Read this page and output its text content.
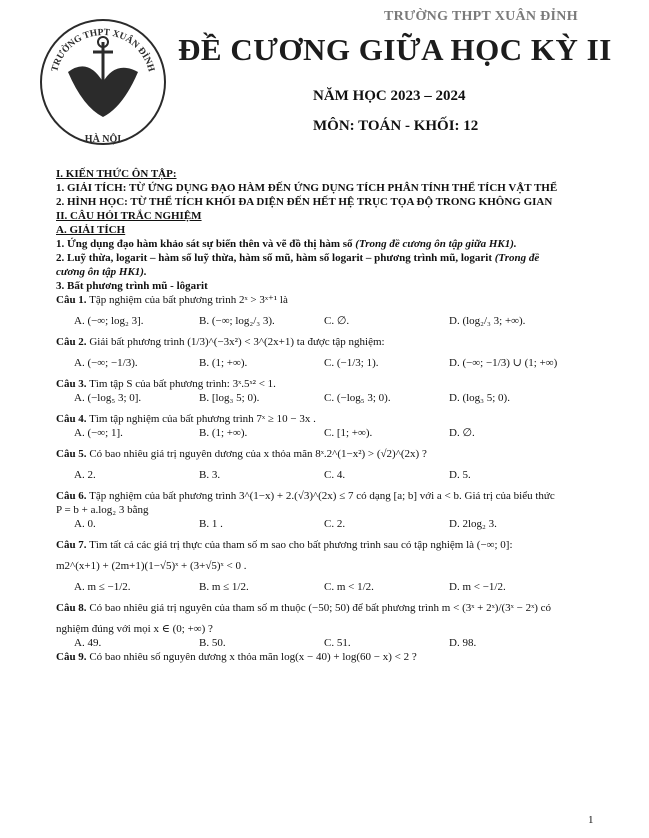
TRƯỜNG THPT XUÂN ĐỈNH
ĐỀ CƯƠNG GIỮA HỌC KỲ II
NĂM HỌC 2023 – 2024
MÔN: TOÁN - KHỐI: 12
TRƯỜNG THPT XUÂN ĐỈNH
HÀ NỘI
I. KIẾN THỨC ÔN TẬP:
1. GIẢI TÍCH: TỪ ỨNG DỤNG ĐẠO HÀM ĐẾN ỨNG DỤNG TÍCH PHÂN TÍNH THỂ TÍCH VẬT THỂ
2. HÌNH HỌC: TỪ THỂ TÍCH KHỐI ĐA DIỆN ĐẾN HẾT HỆ TRỤC TỌA ĐỘ TRONG KHÔNG GIAN
II. CÂU HỎI TRẮC NGHIỆM
A. GIẢI TÍCH
1. Ứng dụng đạo hàm khảo sát sự biến thên và vẽ đồ thị hàm số (Trong đề cương ôn tập giữa HK1).
2. Luỹ thừa, logarit – hàm số luỹ thừa, hàm số mũ, hàm số logarit – phương trình mũ, logarit (Trong đề
cương ôn tập HK1).
3. Bất phương trình mũ - lôgarit
Câu 1. Tập nghiệm của bất phương trình 2ˣ > 3ˣ⁺¹ là
A. (−∞; log₂ 3].	B. (−∞; log₂/₃ 3).	C. ∅.	D. (log₂/₃ 3; +∞).
Câu 2. Giải bất phương trình (1/3)^(−3x²) < 3^(2x+1) ta được tập nghiệm:
A. (−∞; −1/3).	B. (1; +∞).	C. (−1/3; 1).	D. (−∞; −1/3) ∪ (1; +∞)
Câu 3. Tìm tập S của bất phương trình: 3ˣ.5ˣ² < 1.
A. (−log₅ 3; 0].	B. [log₃ 5; 0).	C. (−log₅ 3; 0).	D. (log₃ 5; 0).
Câu 4. Tìm tập nghiệm của bất phương trình 7ˣ ≥ 10 − 3x .
A. (−∞; 1].	B. (1; +∞).	C. [1; +∞).	D. ∅.
Câu 5. Có bao nhiêu giá trị nguyên dương của x thỏa mãn 8ˣ.2^(1−x²) > (√2)^(2x) ?
A. 2.	B. 3.	C. 4.	D. 5.
Câu 6. Tập nghiệm của bất phương trình 3^(1−x) + 2.(√3)^(2x) ≤ 7 có dạng [a; b] với a < b. Giá trị của biểu thức
P = b + a.log₂ 3 bằng
A. 0.	B. 1 .	C. 2.	D. 2log₂ 3.
Câu 7. Tìm tất cả các giá trị thực của tham số m sao cho bất phương trình sau có tập nghiệm là (−∞; 0]:
m2^(x+1) + (2m+1)(1−√5)ˣ + (3+√5)ˣ < 0 .
A. m ≤ −1/2.	B. m ≤ 1/2.	C. m < 1/2.	D. m < −1/2.
Câu 8. Có bao nhiêu giá trị nguyên của tham số m thuộc (−50; 50) để bất phương trình m < (3ˣ + 2ˣ)/(3ˣ − 2ˣ) có
nghiệm đúng với mọi x ∈ (0; +∞) ?
A. 49.	B. 50.	C. 51.	D. 98.
Câu 9. Có bao nhiêu số nguyên dương x thỏa mãn log(x − 40) + log(60 − x) < 2 ?
1
